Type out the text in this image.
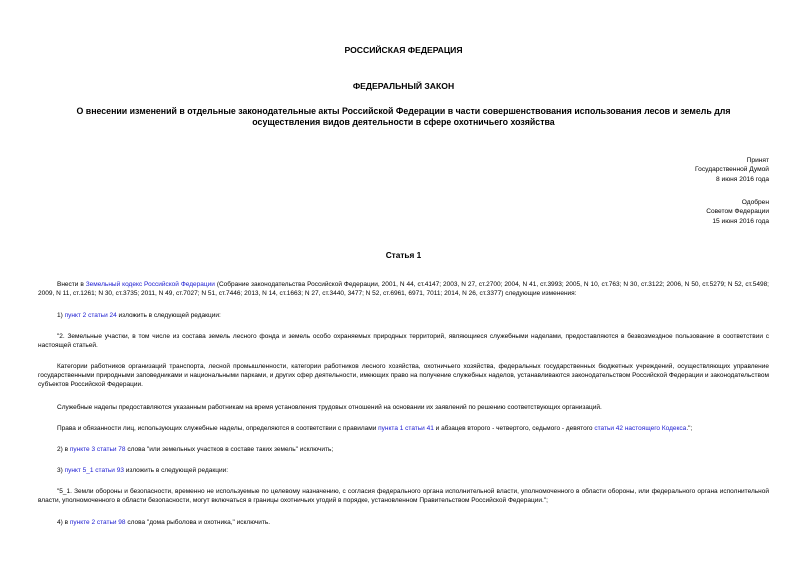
РОССИЙСКАЯ ФЕДЕРАЦИЯ
ФЕДЕРАЛЬНЫЙ ЗАКОН
О внесении изменений в отдельные законодательные акты Российской Федерации в части совершенствования использования лесов и земель для
осуществления видов деятельности в сфере охотничьего хозяйства
Принят
Государственной Думой
8 июня 2016 года
Одобрен
Советом Федерации
15 июня 2016 года
Статья 1
Внести в Земельный кодекс Российской Федерации (Собрание законодательства Российской Федерации, 2001, N 44, ст.4147; 2003, N 27, ст.2700; 2004, N 41, ст.3993; 2005, N 10, ст.763; N 30, ст.3122; 2006, N 50, ст.5279; N 52, ст.5498; 2009, N 11, ст.1261; N 30, ст.3735; 2011, N 49, ст.7027; N 51, ст.7446; 2013, N 14, ст.1663; N 27, ст.3440, 3477; N 52, ст.6961, 6971, 7011; 2014, N 26, ст.3377) следующие изменения:
1) пункт 2 статьи 24 изложить в следующей редакции:
"2. Земельные участки, в том числе из состава земель лесного фонда и земель особо охраняемых природных территорий, являющиеся служебными наделами, предоставляются в безвозмездное пользование в соответствии с настоящей статьей.
Категории работников организаций транспорта, лесной промышленности, категории работников лесного хозяйства, охотничьего хозяйства, федеральных государственных бюджетных учреждений, осуществляющих управление государственными природными заповедниками и национальными парками, и других сфер деятельности, имеющих право на получение служебных наделов, устанавливаются законодательством Российской Федерации и законодательством субъектов Российской Федерации.
Служебные наделы предоставляются указанным работникам на время установления трудовых отношений на основании их заявлений по решению соответствующих организаций.
Права и обязанности лиц, использующих служебные наделы, определяются в соответствии с правилами пункта 1 статьи 41 и абзацев второго - четвертого, седьмого - девятого статьи 42 настоящего Кодекса.";
2) в пункте 3 статьи 78 слова "или земельных участков в составе таких земель" исключить;
3) пункт 5_1 статьи 93 изложить в следующей редакции:
"5_1. Земли обороны и безопасности, временно не используемые по целевому назначению, с согласия федерального органа исполнительной власти, уполномоченного в области обороны, или федерального органа исполнительной власти, уполномоченного в области безопасности, могут включаться в границы охотничьих угодий в порядке, установленном Правительством Российской Федерации.";
4) в пункте 2 статьи 98 слова "дома рыболова и охотника," исключить.
